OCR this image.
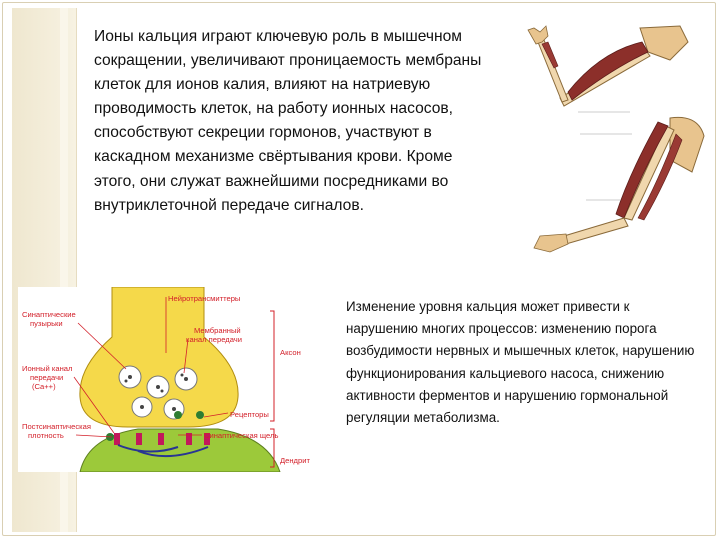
Ионы кальция играют ключевую роль в мышечном сокращении, увеличивают проницаемость мембраны клеток для ионов калия, влияют на натриевую проводимость клеток, на работу ионных насосов, способствуют секреции гормонов, участвуют в каскадном механизме свёртывания крови. Кроме этого, они служат важнейшими посредниками во внутриклеточной передаче сигналов.

Нейротрансмиттеры
Синаптические
пузырьки
Мембранный
канал передачи
Аксон
Ионный канал
передачи
(Ca++)
Рецепторы
Постсинаптическая
плотность	Синаптическая щель
Дендрит

Изменение уровня кальция может привести к нарушению многих процессов: изменению порога возбудимости нервных и мышечных клеток, нарушению функционирования кальциевого насоса, снижению активности ферментов и нарушению гормональной регуляции метаболизма.
